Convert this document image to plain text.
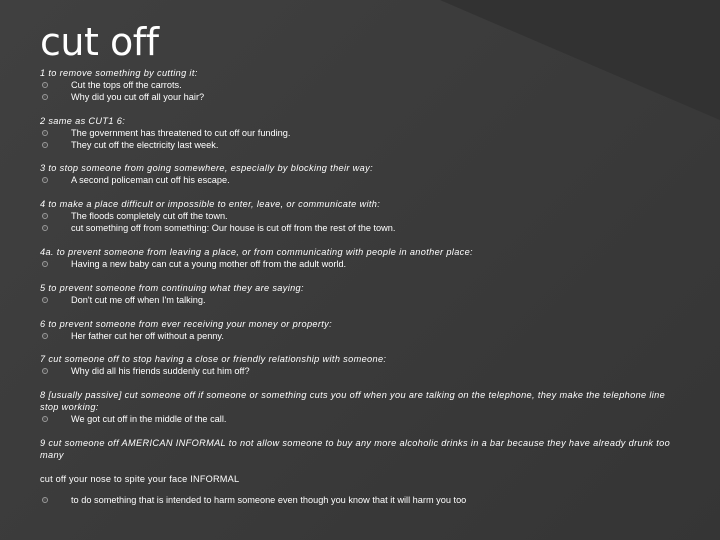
cut off
1 to remove something by cutting it:
Cut the tops off the carrots.
Why did you cut off all your hair?
2 same as CUT1 6:
The government has threatened to cut off our funding.
They cut off the electricity last week.
3 to stop someone from going somewhere, especially by blocking their way:
A second policeman cut off his escape.
4 to make a place difficult or impossible to enter, leave, or communicate with:
The floods completely cut off the town.
cut something off from something: Our house is cut off from the rest of the town.
4a. to prevent someone from leaving a place, or from communicating with people in another place:
Having a new baby can cut a young mother off from the adult world.
5 to prevent someone from continuing what they are saying:
Don't cut me off when I'm talking.
6 to prevent someone from ever receiving your money or property:
Her father cut her off without a penny.
7 cut someone off to stop having a close or friendly relationship with someone:
Why did all his friends suddenly cut him off?
8 [usually passive] cut someone off if someone or something cuts you off when you are talking on the telephone, they make the telephone line stop working:
We got cut off in the middle of the call.
9 cut someone off AMERICAN INFORMAL to not allow someone to buy any more alcoholic drinks in a bar because they have already drunk too many
cut off your nose to spite your face INFORMAL
to do something that is intended to harm someone even though you know that it will harm you too
